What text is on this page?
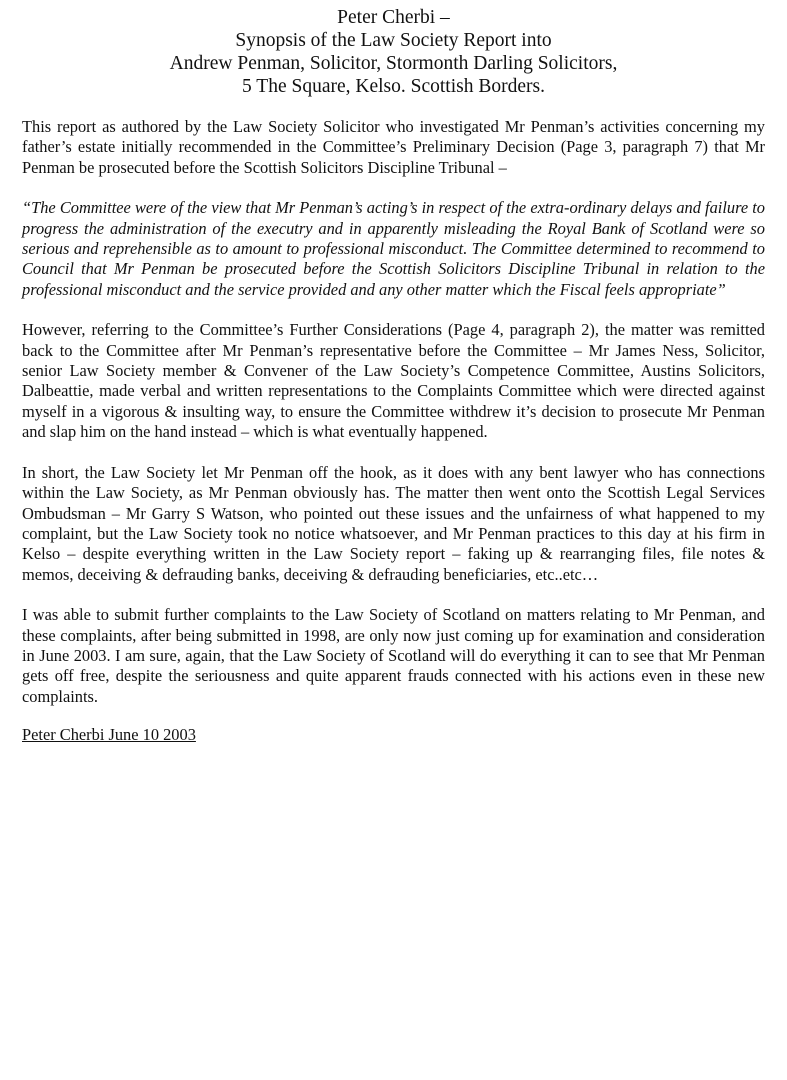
Peter Cherbi –
Synopsis of the Law Society Report into
Andrew Penman, Solicitor, Stormonth Darling Solicitors,
5 The Square, Kelso. Scottish Borders.

This report as authored by the Law Society Solicitor who investigated Mr Penman’s activities concerning my father’s estate initially recommended in the Committee’s Preliminary Decision (Page 3, paragraph 7) that Mr Penman be prosecuted before the Scottish Solicitors Discipline Tribunal –

“The Committee were of the view that Mr Penman’s acting’s in respect of the extra-ordinary delays and failure to progress the administration of the executry and in apparently misleading the Royal Bank of Scotland were so serious and reprehensible as to amount to professional misconduct. The Committee determined to recommend to Council that Mr Penman be prosecuted before the Scottish Solicitors Discipline Tribunal in relation to the professional misconduct and the service provided and any other matter which the Fiscal feels appropriate”

However, referring to the Committee’s Further Considerations (Page 4, paragraph 2), the matter was remitted back to the Committee after Mr Penman’s representative before the Committee – Mr James Ness, Solicitor, senior Law Society member & Convener of the Law Society’s Competence Committee, Austins Solicitors, Dalbeattie, made verbal and written representations to the Complaints Committee which were directed against myself in a vigorous & insulting way, to ensure the Committee withdrew it’s decision to prosecute Mr Penman and slap him on the hand instead – which is what eventually happened.

In short, the Law Society let Mr Penman off the hook, as it does with any bent lawyer who has connections within the Law Society, as Mr Penman obviously has. The matter then went onto the Scottish Legal Services Ombudsman – Mr Garry S Watson, who pointed out these issues and the unfairness of what happened to my complaint, but the Law Society took no notice whatsoever, and Mr Penman practices to this day at his firm in Kelso – despite everything written in the Law Society report – faking up & rearranging files, file notes & memos, deceiving & defrauding banks, deceiving & defrauding beneficiaries, etc..etc…

I was able to submit further complaints to the Law Society of Scotland on matters relating to Mr Penman, and these complaints, after being submitted in 1998, are only now just coming up for examination and consideration in June 2003. I am sure, again, that the Law Society of Scotland will do everything it can to see that Mr Penman gets off free, despite the seriousness and quite apparent frauds connected with his actions even in these new complaints.

Peter Cherbi June 10 2003
